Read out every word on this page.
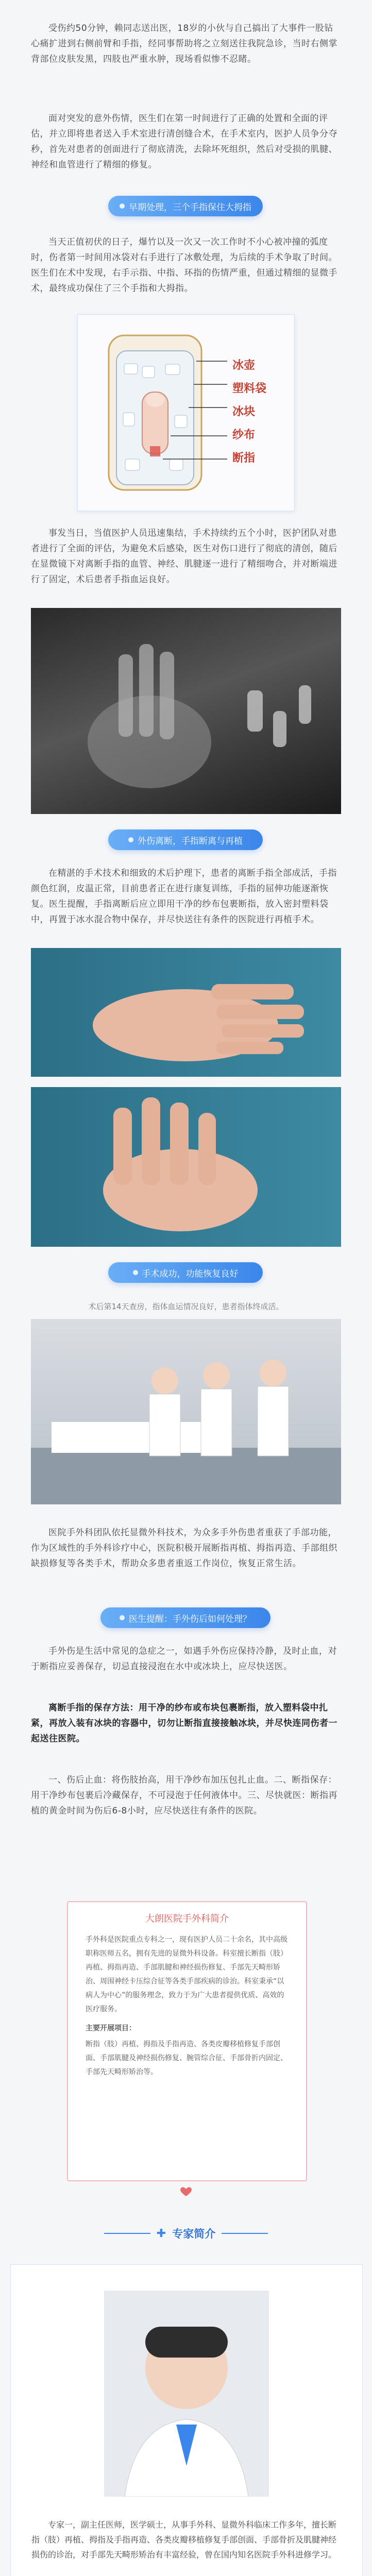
受伤约50分钟，赖同志送出医，18岁的小伙与自己搞出了大事件一股钻心痛扩进到右侧前臂和手指，经同事帮助将之立刻送往我院急诊，当时右侧掌背部位皮肤发黑，四肢也严重水肿，现场看似惨不忍睹。
面对突发的意外伤情，医生们在第一时间进行了正确的处置和全面的评估，并立即将患者送入手术室进行清创缝合术，在手术室内，医护人员争分夺秒，首先对患者的创面进行了彻底清洗，去除坏死组织，然后对受损的肌腱、神经和血管进行了精细的修复。
早期处理，三个手指保住大拇指
当天正值初伏的日子，爆竹以及一次又一次工作时不小心被冲撞的弧度时，伤者第一时间用冰袋对右手进行了冰敷处理，为后续的手术争取了时间。医生们在术中发现，右手示指、中指、环指的伤情严重，但通过精细的显微手术，最终成功保住了三个手指和大拇指。
冰壶
塑料袋
冰块
纱布
断指
事发当日，当值医护人员迅速集结，手术持续约五个小时，医护团队对患者进行了全面的评估，为避免术后感染，医生对伤口进行了彻底的清创，随后在显微镜下对离断手指的血管、神经、肌腱逐一进行了精细吻合，并对断端进行了固定，术后患者手指血运良好。
外伤离断，手指断离与再植
在精湛的手术技术和细致的术后护理下，患者的离断手指全部成活，手指颜色红润，皮温正常，目前患者正在进行康复训练，手指的屈伸功能逐渐恢复。医生提醒，手指离断后应立即用干净的纱布包裹断指，放入密封塑料袋中，再置于冰水混合物中保存，并尽快送往有条件的医院进行再植手术。
手术成功，功能恢复良好
术后第14天查房，指体血运情况良好，患者指体终成活。
医院手外科团队依托显微外科技术，为众多手外伤患者重获了手部功能，作为区域性的手外科诊疗中心，医院积极开展断指再植、拇指再造、手部组织缺损修复等各类手术，帮助众多患者重返工作岗位，恢复正常生活。
医生提醒：手外伤后如何处理？
手外伤是生活中常见的急症之一，如遇手外伤应保持冷静，及时止血，对于断指应妥善保存，切忌直接浸泡在水中或冰块上，应尽快送医。
离断手指的保存方法：用干净的纱布或布块包裹断指，放入塑料袋中扎紧，再放入装有冰块的容器中，切勿让断指直接接触冰块，并尽快连同伤者一起送往医院。
一、伤后止血：将伤肢抬高，用干净纱布加压包扎止血。二、断指保存：用干净纱布包裹后冷藏保存，不可浸泡于任何液体中。三、尽快就医：断指再植的黄金时间为伤后6-8小时，应尽快送往有条件的医院。
大朗医院手外科简介
手外科是医院重点专科之一，现有医护人员二十余名，其中高级职称医师五名，拥有先进的显微外科设备。科室擅长断指（肢）再植、拇指再造、手部肌腱和神经损伤修复、手部先天畸形矫治、周围神经卡压综合征等各类手部疾病的诊治。科室秉承“以病人为中心”的服务理念，致力于为广大患者提供优质、高效的医疗服务。
主要开展项目：
断指（肢）再植、拇指及手指再造、各类皮瓣移植修复手部创面、手部肌腱及神经损伤修复、腕管综合征、手部骨折内固定、手部先天畸形矫治等。
✚ 专家简介
专家一，副主任医师，医学硕士，从事手外科、显微外科临床工作多年，擅长断指（肢）再植、拇指及手指再造、各类皮瓣移植修复手部创面、手部骨折及肌腱神经损伤的诊治，对手部先天畸形矫治有丰富经验，曾在国内知名医院手外科进修学习。
